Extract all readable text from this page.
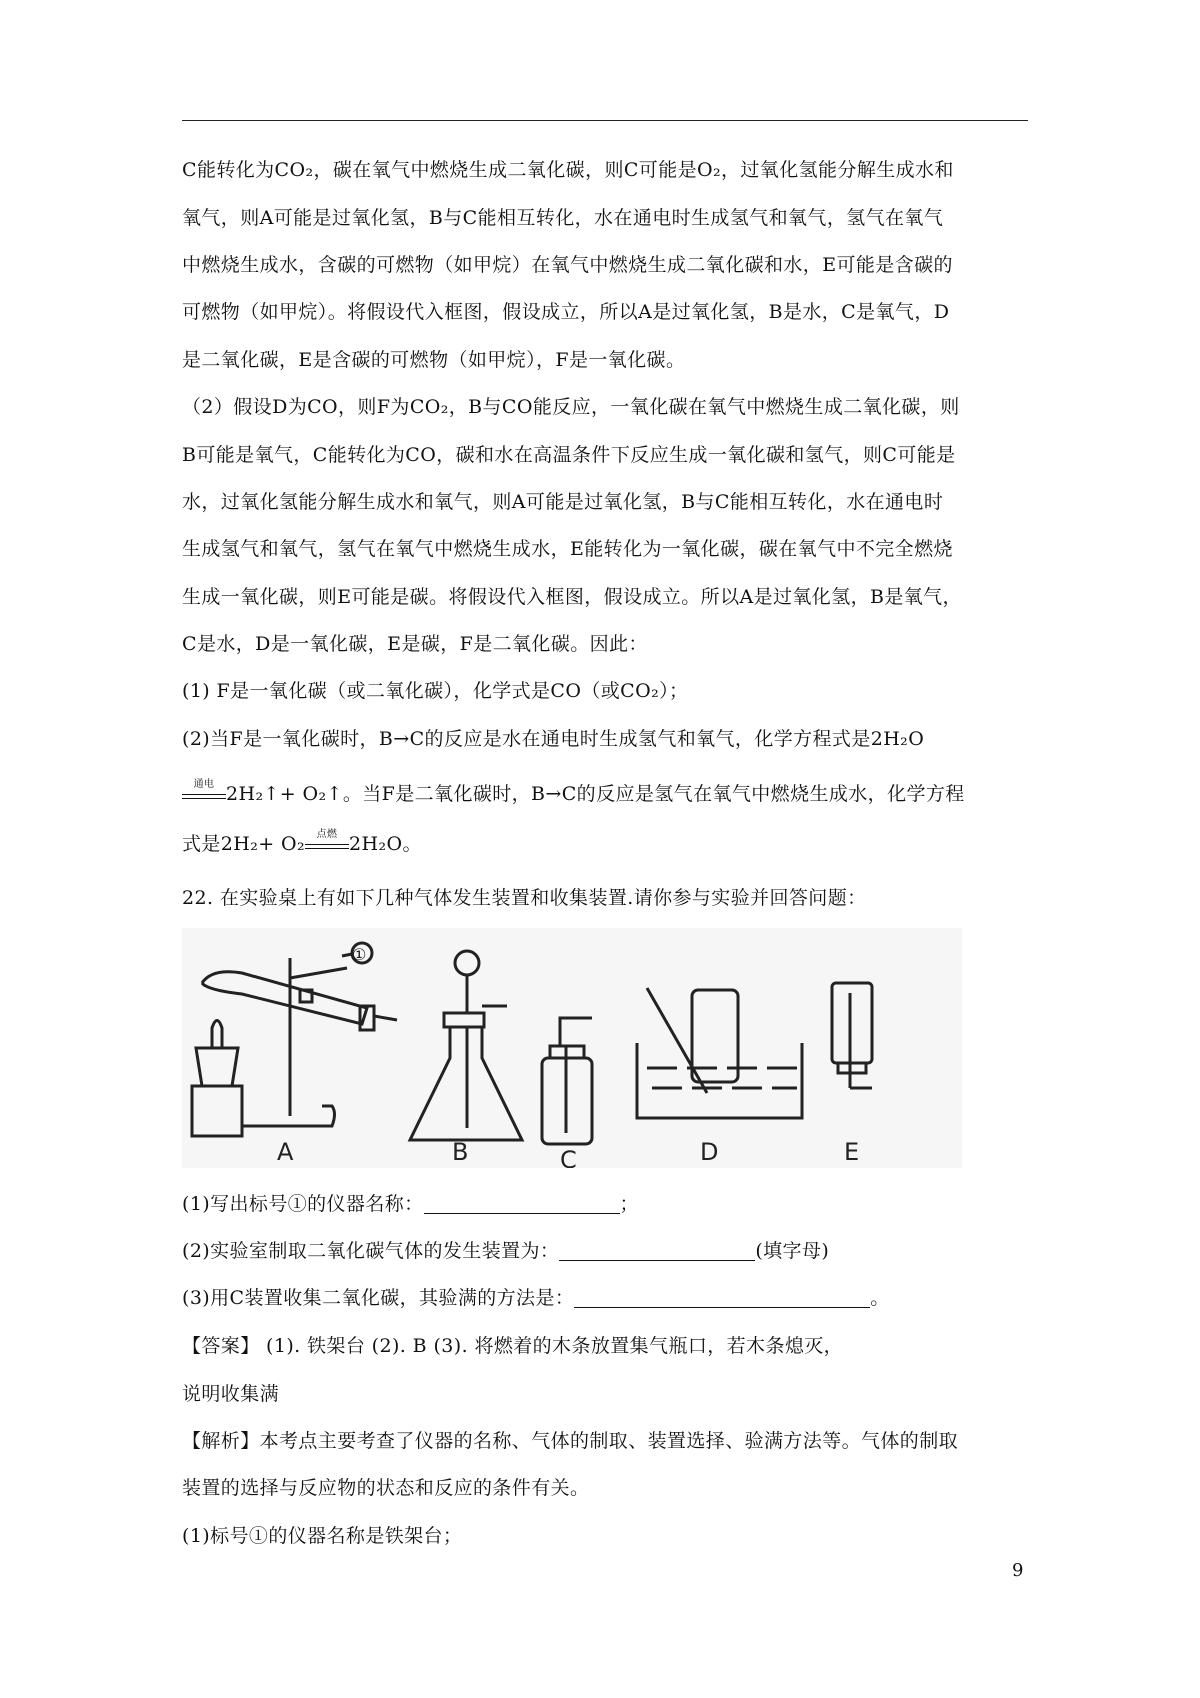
C能转化为CO₂，碳在氧气中燃烧生成二氧化碳，则C可能是O₂，过氧化氢能分解生成水和
氧气，则A可能是过氧化氢，B与C能相互转化，水在通电时生成氢气和氧气，氢气在氧气
中燃烧生成水，含碳的可燃物（如甲烷）在氧气中燃烧生成二氧化碳和水，E可能是含碳的
可燃物（如甲烷）。将假设代入框图，假设成立，所以A是过氧化氢，B是水，C是氧气，D
是二氧化碳，E是含碳的可燃物（如甲烷），F是一氧化碳。
（2）假设D为CO，则F为CO₂，B与CO能反应，一氧化碳在氧气中燃烧生成二氧化碳，则
B可能是氧气，C能转化为CO，碳和水在高温条件下反应生成一氧化碳和氢气，则C可能是
水，过氧化氢能分解生成水和氧气，则A可能是过氧化氢，B与C能相互转化，水在通电时
生成氢气和氧气，氢气在氧气中燃烧生成水，E能转化为一氧化碳，碳在氧气中不完全燃烧
生成一氧化碳，则E可能是碳。将假设代入框图，假设成立。所以A是过氧化氢，B是氧气，
C是水，D是一氧化碳，E是碳，F是二氧化碳。因此：
(1) F是一氧化碳（或二氧化碳），化学式是CO（或CO₂）；
(2)当F是一氧化碳时，B→C的反应是水在通电时生成氢气和氧气，化学方程式是2H₂O
通电 2H₂↑+ O₂↑。当F是二氧化碳时，B→C的反应是氢气在氧气中燃烧生成水，化学方程
式是2H₂+ O₂	点燃 2H₂O。
22. 在实验桌上有如下几种气体发生装置和收集装置.请你参与实验并回答问题：
A	B	C	D	E
①
(1)写出标号①的仪器名称：	；
(2)实验室制取二氧化碳气体的发生装置为：	(填字母)
(3)用C装置收集二氧化碳，其验满的方法是：	。
【答案】 (1). 铁架台 (2). B (3). 将燃着的木条放置集气瓶口，若木条熄灭，
说明收集满
【解析】本考点主要考查了仪器的名称、气体的制取、装置选择、验满方法等。气体的制取
装置的选择与反应物的状态和反应的条件有关。
(1)标号①的仪器名称是铁架台；
9
